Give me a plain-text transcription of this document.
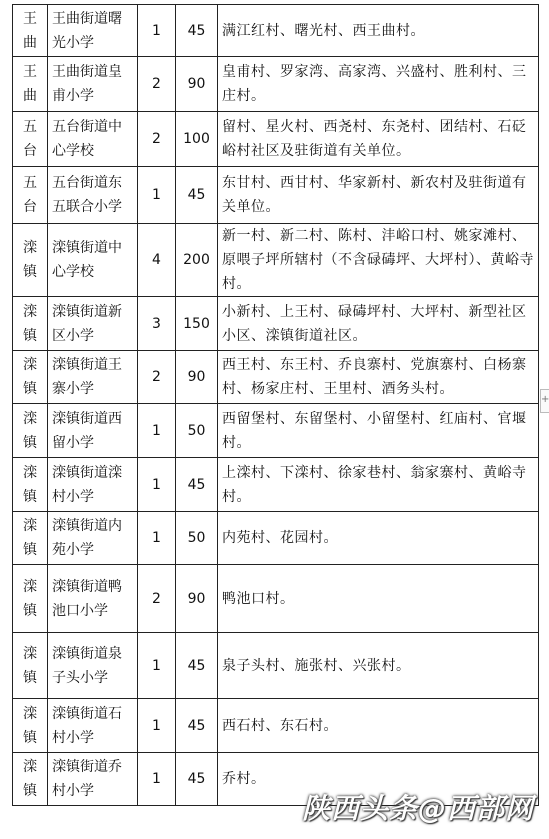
王曲	王曲街道曙光小学	1	45	满江红村、曙光村、西王曲村。
王曲	王曲街道皇甫小学	2	90	皇甫村、罗家湾、高家湾、兴盛村、胜利村、三庄村。
五台	五台街道中心学校	2	100	留村、星火村、西尧村、东尧村、团结村、石砭峪村社区及驻街道有关单位。
五台	五台街道东五联合小学	1	45	东甘村、西甘村、华家新村、新农村及驻街道有关单位。
滦镇	滦镇街道中心学校	4	200	新一村、新二村、陈村、沣峪口村、姚家滩村、原喂子坪所辖村（不含碌碡坪、大坪村）、黄峪寺村。
滦镇	滦镇街道新区小学	3	150	小新村、上王村、碌碡坪村、大坪村、新型社区小区、滦镇街道社区。
滦镇	滦镇街道王寨小学	2	90	西王村、东王村、乔良寨村、党旗寨村、白杨寨村、杨家庄村、王里村、酒务头村。
滦镇	滦镇街道西留小学	1	50	西留堡村、东留堡村、小留堡村、红庙村、官堰村。
滦镇	滦镇街道滦村小学	1	45	上滦村、下滦村、徐家巷村、翁家寨村、黄峪寺村。
滦镇	滦镇街道内苑小学	1	50	内苑村、花园村。
滦镇	滦镇街道鸭池口小学	2	90	鸭池口村。
滦镇	滦镇街道泉子头小学	1	45	泉子头村、施张村、兴张村。
滦镇	滦镇街道石村小学	1	45	西石村、东石村。
滦镇	滦镇街道乔村小学	1	45	乔村。
+
陕西头条@西部网
